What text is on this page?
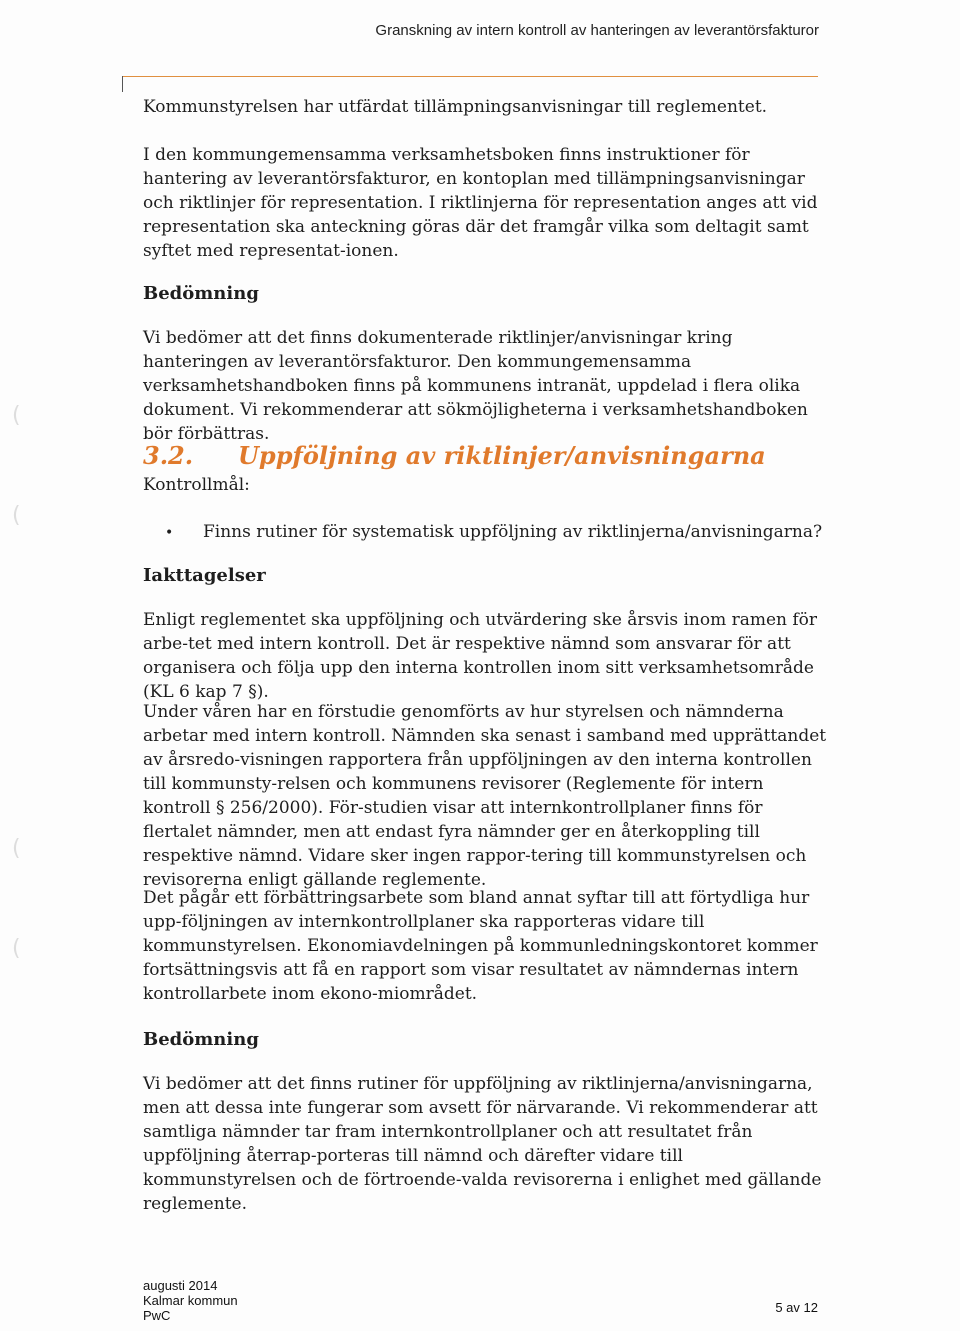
Granskning av intern kontroll av hanteringen av leverantörsfakturor

Kommunstyrelsen har utfärdat tillämpningsanvisningar till reglementet.

I den kommungemensamma verksamhetsboken finns instruktioner för hantering av leverantörsfakturor, en kontoplan med tillämpningsanvisningar och riktlinjer för representation. I riktlinjerna för representation anges att vid representation ska anteckning göras där det framgår vilka som deltagit samt syftet med representat-ionen.

Bedömning

Vi bedömer att det finns dokumenterade riktlinjer/anvisningar kring hanteringen av leverantörsfakturor. Den kommungemensamma verksamhetshandboken finns på kommunens intranät, uppdelad i flera olika dokument. Vi rekommenderar att sökmöjligheterna i verksamhetshandboken bör förbättras.

3.2. Uppföljning av riktlinjer/anvisningarna
Kontrollmål:
• Finns rutiner för systematisk uppföljning av riktlinjerna/anvisningarna?
Iakttagelser

Enligt reglementet ska uppföljning och utvärdering ske årsvis inom ramen för arbe-tet med intern kontroll. Det är respektive nämnd som ansvarar för att organisera och följa upp den interna kontrollen inom sitt verksamhetsområde (KL 6 kap 7 §).

Under våren har en förstudie genomförts av hur styrelsen och nämnderna arbetar med intern kontroll. Nämnden ska senast i samband med upprättandet av årsredo-visningen rapportera från uppföljningen av den interna kontrollen till kommunsty-relsen och kommunens revisorer (Reglemente för intern kontroll § 256/2000). För-studien visar att internkontrollplaner finns för flertalet nämnder, men att endast fyra nämnder ger en återkoppling till respektive nämnd. Vidare sker ingen rappor-tering till kommunstyrelsen och revisorerna enligt gällande reglemente.

Det pågår ett förbättringsarbete som bland annat syftar till att förtydliga hur upp-följningen av internkontrollplaner ska rapporteras vidare till kommunstyrelsen. Ekonomiavdelningen på kommunledningskontoret kommer fortsättningsvis att få en rapport som visar resultatet av nämndernas intern kontrollarbete inom ekono-miområdet.

Bedömning

Vi bedömer att det finns rutiner för uppföljning av riktlinjerna/anvisningarna, men att dessa inte fungerar som avsett för närvarande. Vi rekommenderar att samtliga nämnder tar fram internkontrollplaner och att resultatet från uppföljning återrap-porteras till nämnd och därefter vidare till kommunstyrelsen och de förtroende-valda revisorerna i enlighet med gällande reglemente.

(
(
(
(
augusti 2014
Kalmar kommun
PwC
5 av 12
